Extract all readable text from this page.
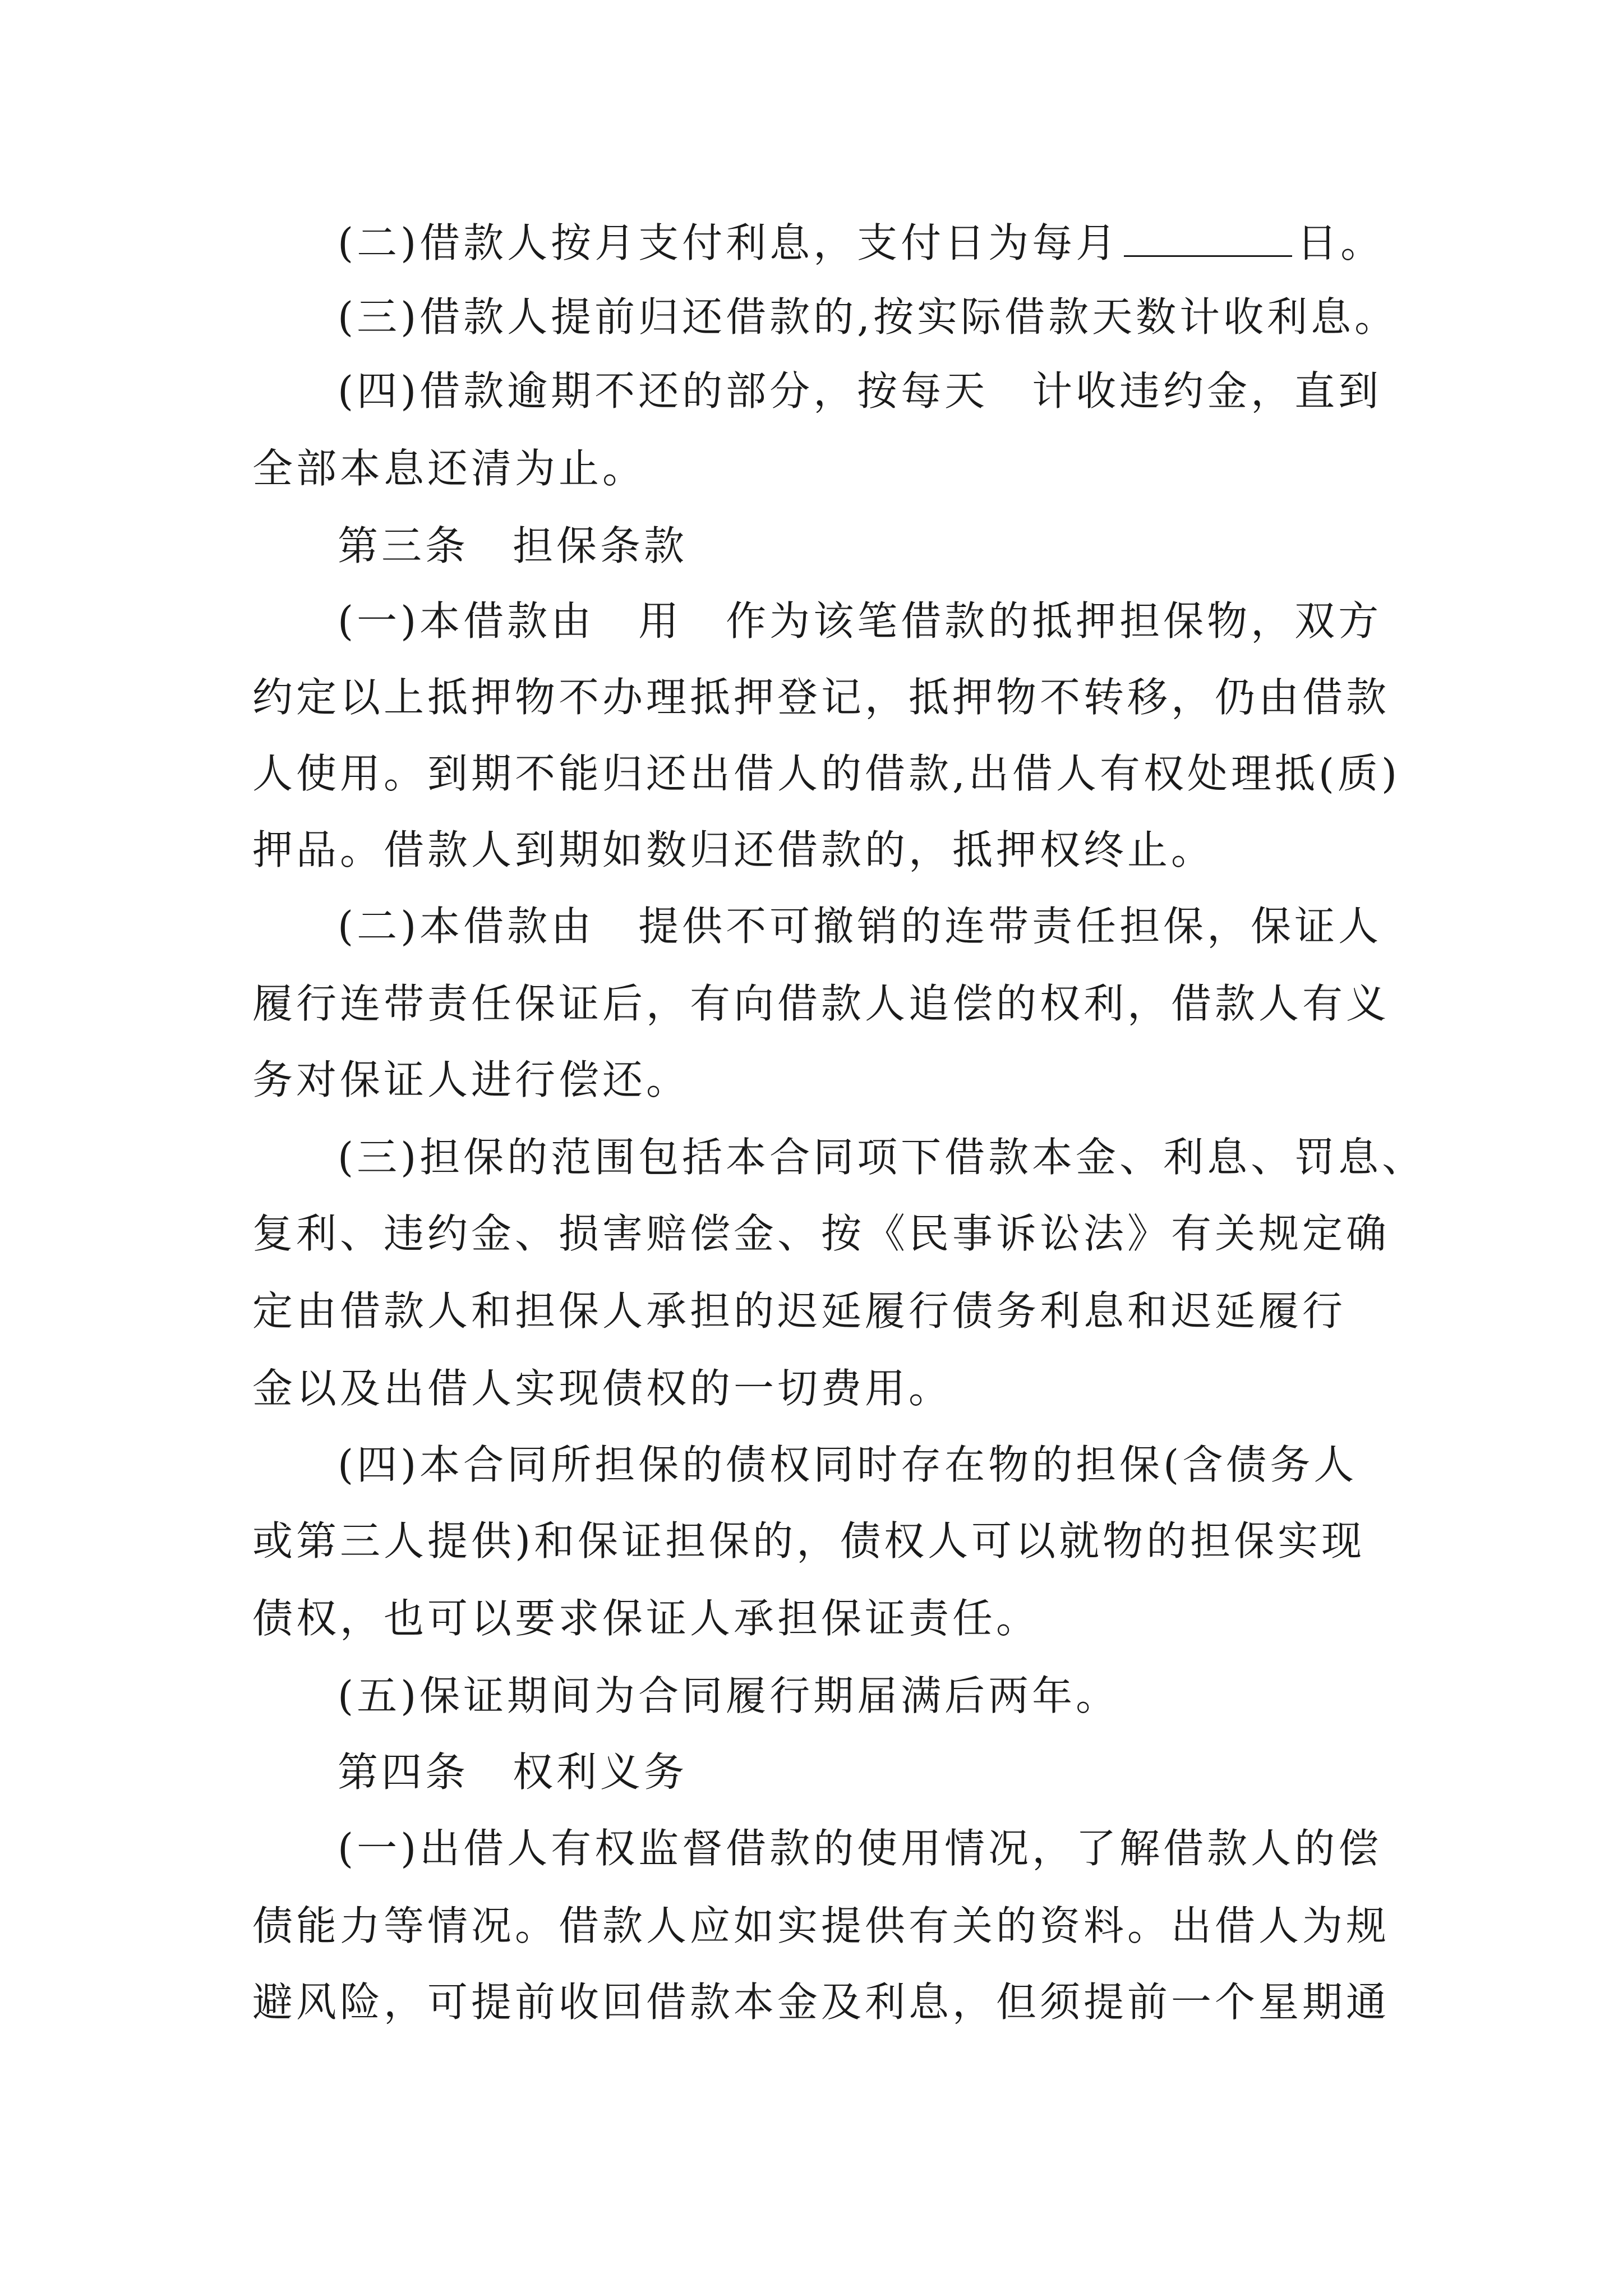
(二)借款人按月支付利息，支付日为每月	日。
(三)借款人提前归还借款的,按实际借款天数计收利息。
(四)借款逾期不还的部分，按每天　计收违约金，直到
全部本息还清为止。
第三条　担保条款
(一)本借款由　用　作为该笔借款的抵押担保物，双方
约定以上抵押物不办理抵押登记，抵押物不转移，仍由借款
人使用。到期不能归还出借人的借款,出借人有权处理抵(质)
押品。借款人到期如数归还借款的，抵押权终止。
(二)本借款由　提供不可撤销的连带责任担保，保证人
履行连带责任保证后，有向借款人追偿的权利，借款人有义
务对保证人进行偿还。
(三)担保的范围包括本合同项下借款本金、利息、罚息、
复利、违约金、损害赔偿金、按《民事诉讼法》有关规定确
定由借款人和担保人承担的迟延履行债务利息和迟延履行
金以及出借人实现债权的一切费用。
(四)本合同所担保的债权同时存在物的担保(含债务人
或第三人提供)和保证担保的，债权人可以就物的担保实现
债权，也可以要求保证人承担保证责任。
(五)保证期间为合同履行期届满后两年。
第四条　权利义务
(一)出借人有权监督借款的使用情况，了解借款人的偿
债能力等情况。借款人应如实提供有关的资料。出借人为规
避风险，可提前收回借款本金及利息，但须提前一个星期通
